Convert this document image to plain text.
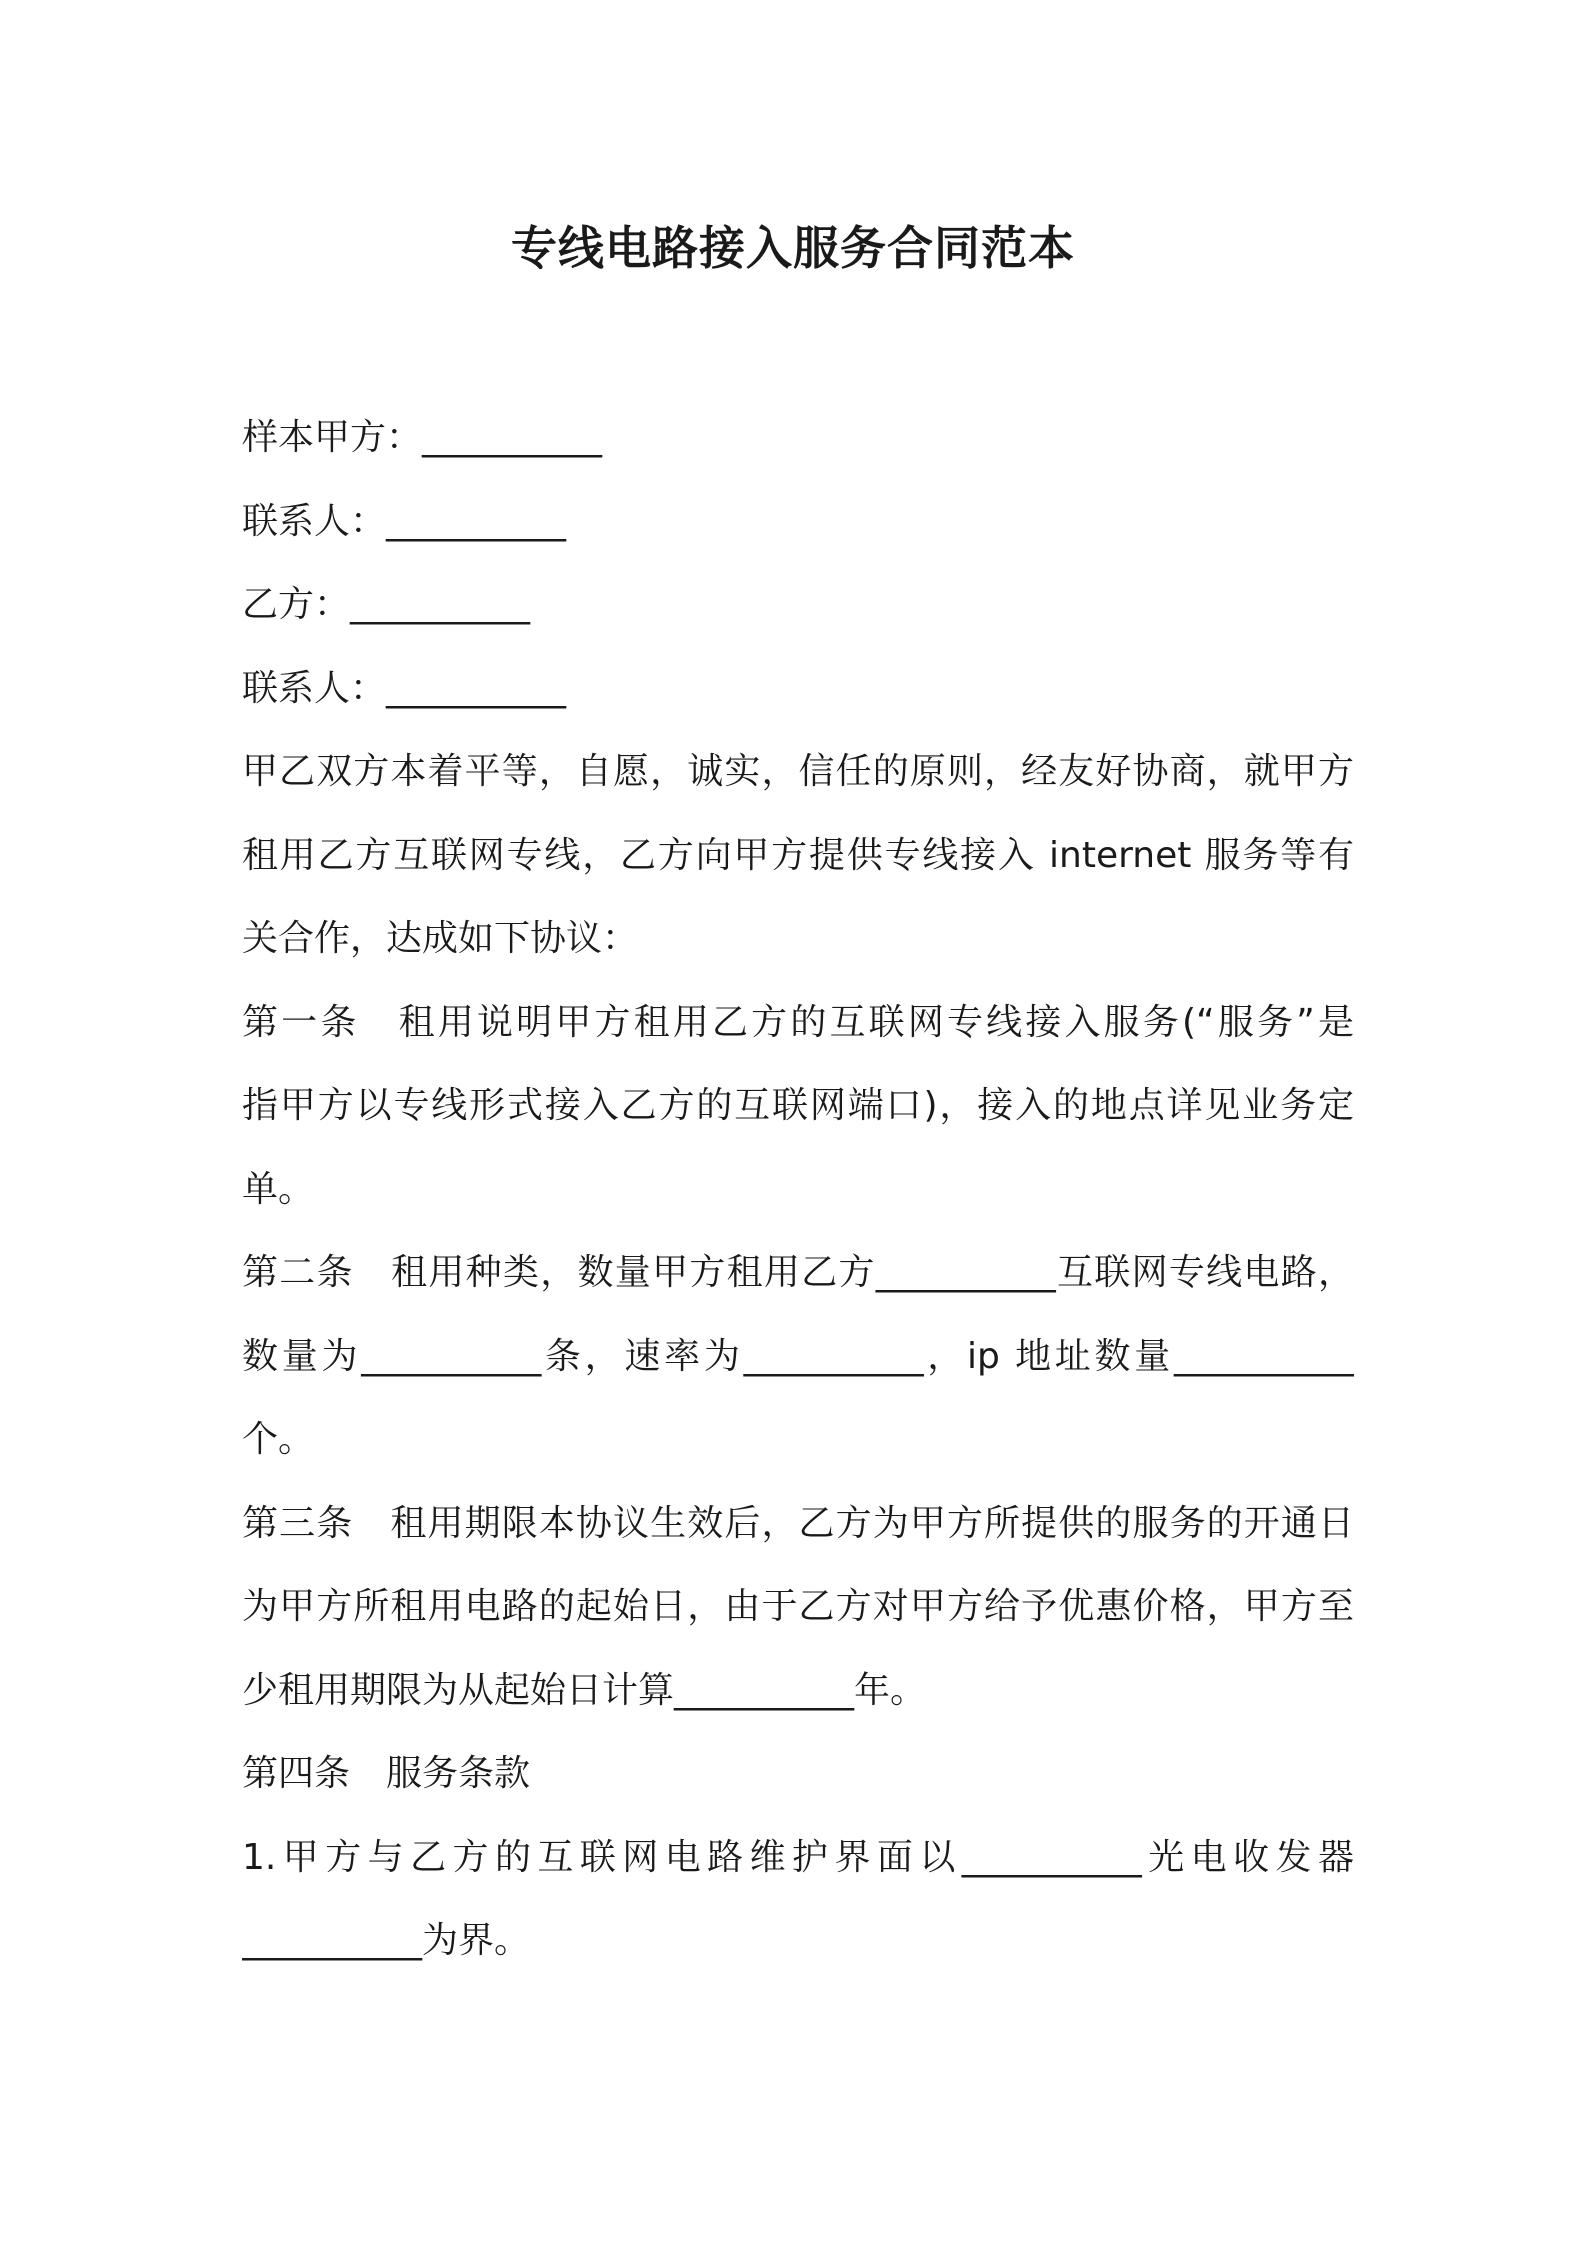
专线电路接入服务合同范本
样本甲方：__________
联系人：__________
乙方：__________
联系人：__________
甲乙双方本着平等，自愿，诚实，信任的原则，经友好协商，就甲方
租用乙方互联网专线，乙方向甲方提供专线接入 internet 服务等有
关合作，达成如下协议：
第一条　租用说明甲方租用乙方的互联网专线接入服务(“服务”是
指甲方以专线形式接入乙方的互联网端口)，接入的地点详见业务定
单。
第二条　租用种类，数量甲方租用乙方__________互联网专线电路，
数量为__________条，速率为__________，ip 地址数量__________
个。
第三条　租用期限本协议生效后，乙方为甲方所提供的服务的开通日
为甲方所租用电路的起始日，由于乙方对甲方给予优惠价格，甲方至
少租用期限为从起始日计算__________年。
第四条　服务条款
1.甲方与乙方的互联网电路维护界面以__________光电收发器
__________为界。
